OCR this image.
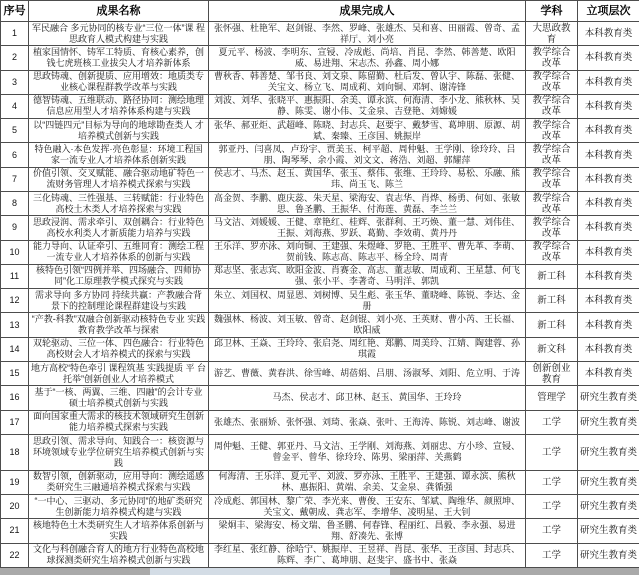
序号	成果名称	成果完成人	学科	立项层次
1	军民融合 多元协同的核专业“三位一体”课 程思政育人模式构建与实践	张怀强、杜艳军、赵剑锟、李然、罗峰、张雄杰、吴和喜、田丽霞、曾奇、孟祥厅、刘小亮	大思政教育	本科教育类
2	植家国情怀、铸军工特质、育核心素养，创 钱七虎班核工业拔尖人才培养新体系	夏元平、杨波、李明东、宣锓、冷成彪、尚培、肖昆、李然、韩善楚、欧阳威、易进翔、宋志杰、孙鑫、周小娜	教学综合改革	本科教育类
3	思政铸魂、创新提质、应用增效：地质类专 业核心课程群教学改革与实践	曹秋香、韩善楚、邹书良、刘文泉、陈留勤、杜后发、曾认宇、陈磊、张健、关宝文、杨立飞、周成莉、刘向铜、邓轲、谢涛锋	教学综合改革	本科教育类
4	德智铸魂、五维联动、路径协同：测绘地理 信息应用型人才培养体系构建与实践	刘波、刘华、张晓平、惠振阳、余美、谭永滨、何海清、李小龙、熊秋林、吴静、陈雯、谢小伟、艾金泉、吉登艳、刘嫦媛	教学综合改革	本科教育类
5	以“四链四元”目标为导向的地球勘查类人 才培养模式创新与实践	张华、郝亚炬、武超峰、陈晓、封志兵、赵要宇、戴梦雪、葛坤朋、原源、胡斌、秦臻、王彦国、姚振岸	教学综合改革	本科教育类
6	特色融入·本色发挥·亮色彰显：环境工程国 家一流专业人才培养体系创新实践	郭亚丹、闫喜凤、卢玢宇、贾美玉、柯平超、周仲魁、王学刚、徐玲玲、吕朋、陶琴琴、余小霞、刘文文、蒋浩、刘超、郭耀萍	教学综合改革	本科教育类
7	价值引领、交叉赋能、融合驱动地矿特色一 流财务管理人才培养模式探索与实践	侯志才、马杰、赵玉、黄国华、张玉、蔡伟、张维、王玲玲、易松、乐融、熊玮、尚玉飞、陈兰	教学综合改革	本科教育类
8	三化铸魂、三性强基、三转赋能：行业特色 高校土木类人才培养探索与实践	高金贺、李鹏、鹿庆蕊、朱天星、梁海安、袁志华、肖烨、杨勇、何如、张敏思、鲁圣鹏、王振华、付海莲、黄磊、李兰兰	教学综合改革	本科教育类
9	思政浸润、需求牵引、双创耦合：行业特色 高校水利类人才新质能力培养与实践	马文洁、刘媛媛、王健、章艳红、桂辉、张群利、王巧焕、董一慧、刘伟佳、王振、刘海燕、罗跃、葛勤、李效萌、黄丹丹	教学综合改革	本科教育类
10	能力导向、认证牵引、五维同育：测绘工程 一流专业人才培养体系的创新与实践	王乐洋、罗亦泳、刘向铜、王建强、朱煜峰、罗艳、王胜平、曹先革、李萌、贺前钱、陈志高、陈志平、杨全玲、周青	教学综合改革	本科教育类
11	核特色引领“四例并举、四场融合、四师协 同”化工原理教学模式探究与实践	郑志坚、张志宾、欧阳金波、肖赛金、高志、董志敏、周成莉、王星慧、何飞强、张小平、李著奇、马明洋、郭凯	新工科	本科教育类
12	需求导向 多方协同 持续共赢：产教融合背 景下的控制理论课程群建设与实践	朱立、刘国权、周显恩、刘树博、吴生彪、张玉华、董晓峰、陈锐、李达、金册	新工科	本科教育类
13	“产教-科教”双融合创新驱动核特色专业 实践教育教学改革与探索	魏强林、杨波、刘玉敏、曾奇、赵剑锟、刘小亮、王英财、曹小芮、王长福、欧阳威	新工科	本科教育类
14	双轮驱动、三位一体、四色融合：行业特色 高校财会人才培养模式的探索与实践	邱卫林、王焱、王玲玲、张启尧、周红艳、郑鹏、周美玲、江婧、陶建蓉、孙琪霞	新文科	本科教育类
15	地方高校“特色牵引 课程筑基 实践提质 平 台托举”创新创业人才培养模式	游艺、曹薇、黄春洪、徐雪峰、胡蓓娟、吕朋、汤淑琴、刘阳、危立明、于涛	创新创业教育	本科教育类
16	基于“一核、两翼、三维、四融”的会计专业硕士培养模式创新与实践	马杰、侯志才、邱卫林、赵玉、黄国华、王玲玲	管理学	研究生教育类
17	面向国家重大需求的核技术领域研究生创新能力培养模式探索与实践	张雄杰、张丽娇、张怀强、刘琦、张焱、张叶、王海涛、陈锐、刘志峰、谢波	工学	研究生教育类
18	思政引领、需求导向、知践合一：核资源与环境领域专业学位研究生培养模式创新与实践	周仲魁、王健、郭亚丹、马文洁、王学刚、刘海燕、刘丽忠、方小珍、宣锓、曾金平、曾华、徐玲玲、陈男、梁丽萍、关燕鹤	工学	研究生教育类
19	数智引领，创新驱动，应用导向：测绘遥感类研究生三融通培养模式探索与实践	何海清、王乐洋、夏元平、刘波、罗亦泳、王胜平、王建强、谭永滨、熊秋林、惠振阳、黄端、余美、艾金泉、龚循强	工学	研究生教育类
20	“一中心、三驱动、多元协同”的地矿类研究生创新能力培养模式构建与实践	冷成彪、郭国林、黎广荣、李光来、曹俊、王安东、邹斌、陶维华、颜照坤、关宝文、戴朝成、龚志军、李增华、凌明星、王大钊	工学	研究生教育类
21	核地特色土木类研究生人才培养体系创新与实践	梁炯丰、梁海安、杨文瑞、鲁圣鹏、何春锋、程丽红、昌毅、李永强、易进翔、舒凑先、张博	工学	研究生教育类
22	文化与科创融合育人的地方行业特色高校地球探测类研究生培养模式创新与实践	李红星、张红静、徐哈宁、姚振岸、王昱祥、肖昆、张华、王彦国、封志兵、陈辉、李广、葛坤朋、赵斐宇、盛书中、张焱	工学	研究生教育类
